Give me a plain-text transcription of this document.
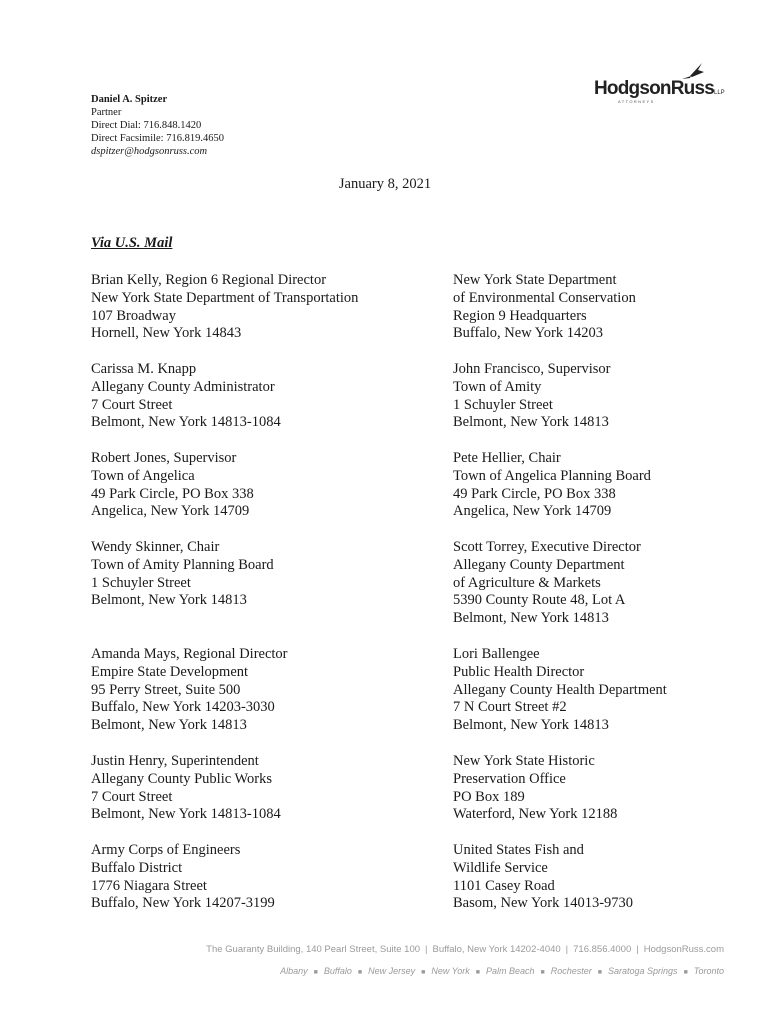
Daniel A. Spitzer
Partner
Direct Dial: 716.848.1420
Direct Facsimile: 716.819.4650
dspitzer@hodgsonruss.com
HodgsonRussLLP
ATTORNEYS
January 8, 2021
Via U.S. Mail
Brian Kelly, Region 6 Regional Director
New York State Department of Transportation
107 Broadway
Hornell, New York 14843
Carissa M. Knapp
Allegany County Administrator
7 Court Street
Belmont, New York 14813-1084
Robert Jones, Supervisor
Town of Angelica
49 Park Circle, PO Box 338
Angelica, New York 14709
Wendy Skinner, Chair
Town of Amity Planning Board
1 Schuyler Street
Belmont, New York 14813
Amanda Mays, Regional Director
Empire State Development
95 Perry Street, Suite 500
Buffalo, New York 14203-3030
Belmont, New York 14813
Justin Henry, Superintendent
Allegany County Public Works
7 Court Street
Belmont, New York 14813-1084
Army Corps of Engineers
Buffalo District
1776 Niagara Street
Buffalo, New York 14207-3199
New York State Department
of Environmental Conservation
Region 9 Headquarters
Buffalo, New York 14203
John Francisco, Supervisor
Town of Amity
1 Schuyler Street
Belmont, New York 14813
Pete Hellier, Chair
Town of Angelica Planning Board
49 Park Circle, PO Box 338
Angelica, New York 14709
Scott Torrey, Executive Director
Allegany County Department
of Agriculture & Markets
5390 County Route 48, Lot A
Belmont, New York 14813
Lori Ballengee
Public Health Director
Allegany County Health Department
7 N Court Street #2
Belmont, New York 14813
New York State Historic
Preservation Office
PO Box 189
Waterford, New York 12188
United States Fish and
Wildlife Service
1101 Casey Road
Basom, New York 14013-9730
The Guaranty Building, 140 Pearl Street, Suite 100 | Buffalo, New York 14202-4040 | 716.856.4000 | HodgsonRuss.com
Albany ■ Buffalo ■ New Jersey ■ New York ■ Palm Beach ■ Rochester ■ Saratoga Springs ■ Toronto
